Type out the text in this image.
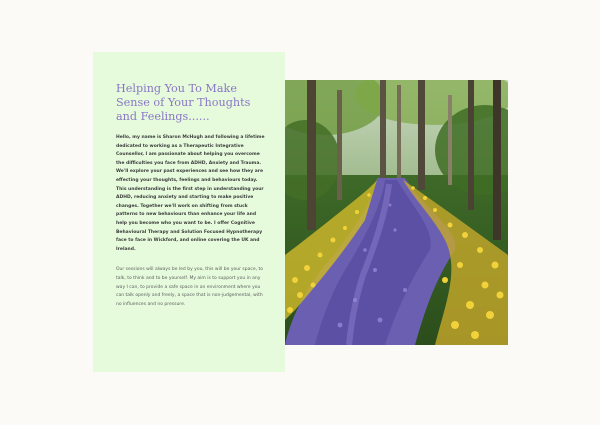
Helping You To Make Sense of Your Thoughts and Feelings......

Hello, my name is Sharon McHugh and following a lifetime dedicated to working as a Therapeutic Integrative Counsellor, I am passionate about helping you overcome the difficulties you face from ADHD, Anxiety and Trauma. We'll explore your past experiences and see how they are effecting your thoughts, feelings and behaviours today. This understanding is the first step in understanding your ADHD, reducing anxiety and starting to make positive changes. Together we'll work on shifting from stuck patterns to new behaviours than enhance your life and help you become who you want to be. I offer Cognitive Behavioural Therapy and Solution Focused Hypnotherapy face to face in Wickford, and online covering the UK and Ireland.

Our sessions will always be led by you, this will be your space, to talk, to think and to be yourself. My aim is to support you in any way I can, to provide a safe space in an environment where you can talk openly and freely, a space that is non-judgemental, with no influences and no pressure.
